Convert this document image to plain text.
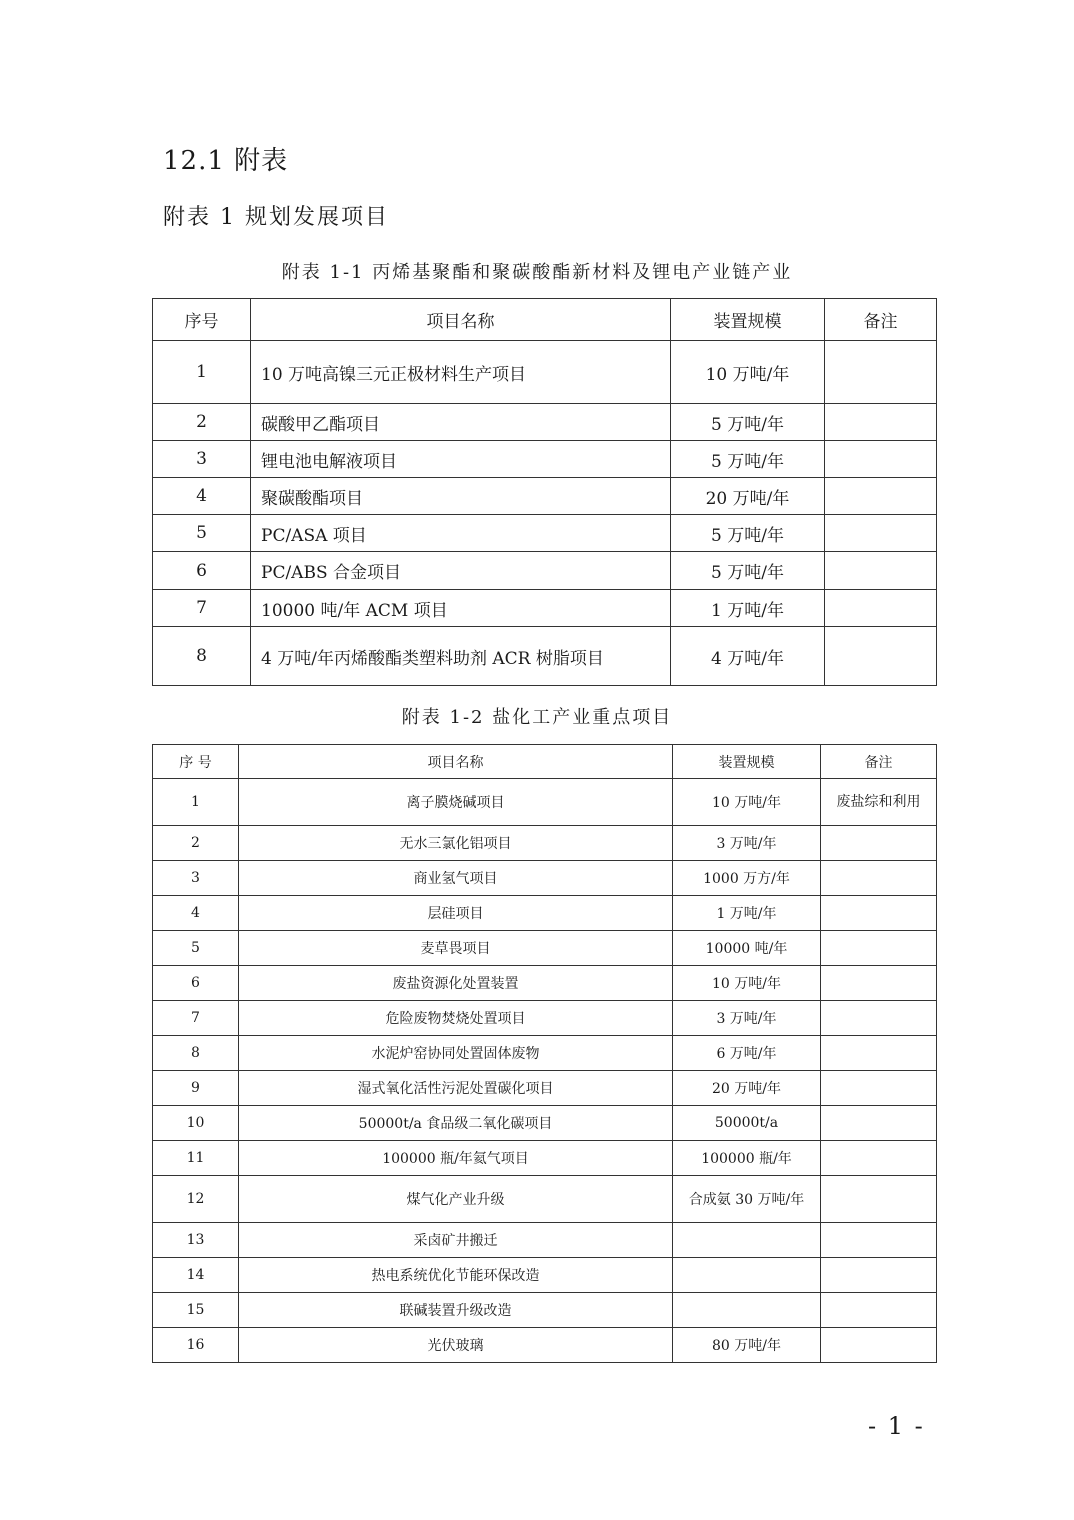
12.1 附表
附表 1 规划发展项目
附表 1-1 丙烯基聚酯和聚碳酸酯新材料及锂电产业链产业
序号	项目名称	装置规模	备注
1	10 万吨高镍三元正极材料生产项目	10 万吨/年	
2	碳酸甲乙酯项目	5 万吨/年	
3	锂电池电解液项目	5 万吨/年	
4	聚碳酸酯项目	20 万吨/年	
5	PC/ASA 项目	5 万吨/年	
6	PC/ABS 合金项目	5 万吨/年	
7	10000 吨/年 ACM 项目	1 万吨/年	
8	4 万吨/年丙烯酸酯类塑料助剂 ACR 树脂项目	4 万吨/年	
附表 1-2 盐化工产业重点项目
序 号	项目名称	装置规模	备注
1	离子膜烧碱项目	10 万吨/年	废盐综和利用
2	无水三氯化铝项目	3 万吨/年	
3	商业氢气项目	1000 万方/年	
4	层硅项目	1 万吨/年	
5	麦草畏项目	10000 吨/年	
6	废盐资源化处置装置	10 万吨/年	
7	危险废物焚烧处置项目	3 万吨/年	
8	水泥炉窑协同处置固体废物	6 万吨/年	
9	湿式氧化活性污泥处置碳化项目	20 万吨/年	
10	50000t/a 食品级二氧化碳项目	50000t/a	
11	100000 瓶/年氦气项目	100000 瓶/年	
12	煤气化产业升级	合成氨 30 万吨/年	
13	采卤矿井搬迁		
14	热电系统优化节能环保改造		
15	联碱装置升级改造		
16	光伏玻璃	80 万吨/年	
- 1 -
